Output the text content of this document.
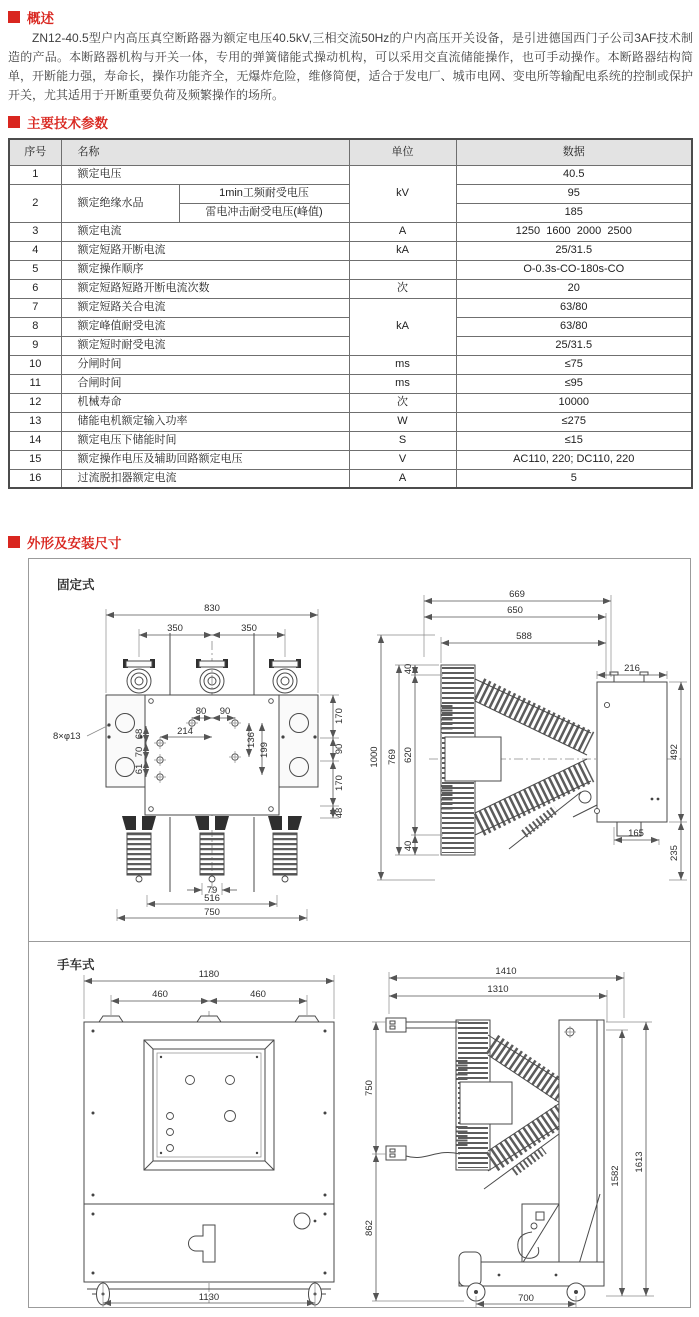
概述

ZN12-40.5型户内高压真空断路器为额定电压40.5kV,三相交流50Hz的户内高压开关设备，是引进德国西门子公司3AF技术制造的产品。本断路器机构与开关一体，专用的弹簧储能式操动机构，可以采用交直流储能操作，也可手动操作。本断路器结构简单，开断能力强，寿命长，操作功能齐全，无爆炸危险，维修简便，适合于发电厂、城市电网、变电所等输配电系统的控制或保护开关，尤其适用于开断重要负荷及频繁操作的场所。

主要技术参数
序号	名称		单位	数据
1	额定电压		kV	40.5
2	额定绝缘水品	1min工频耐受电压		95
		雷电冲击耐受电压(峰值)		185
3	额定电流		A	1250  1600  2000  2500
4	额定短路开断电流		kA	25/31.5
5	额定操作顺序			O-0.3s-CO-180s-CO
6	额定短路短路开断电流次数		次	20
7	额定短路关合电流		kA	63/80
8	额定峰值耐受电流			63/80
9	额定短时耐受电流			25/31.5
10	分闸时间		ms	≤75
11	合闸时间		ms	≤95
12	机械寿命		次	10000
13	储能电机额定输入功率		W	≤275
14	额定电压下储能时间		S	≤15
15	额定操作电压及辅助回路额定电压		V	AC110, 220; DC110, 220
16	过流脱扣器额定电流		A	5
外形及安装尺寸
固定式
手车式
830
350	350
8×φ13
80 90
214
136
199
68
70
61
79
516
750
170
90
170
48
669
650
588
216
1000 769
40
620
40
492
165
235
1180
460	460
1130
1410
1310
750
862
1582
1613
700
